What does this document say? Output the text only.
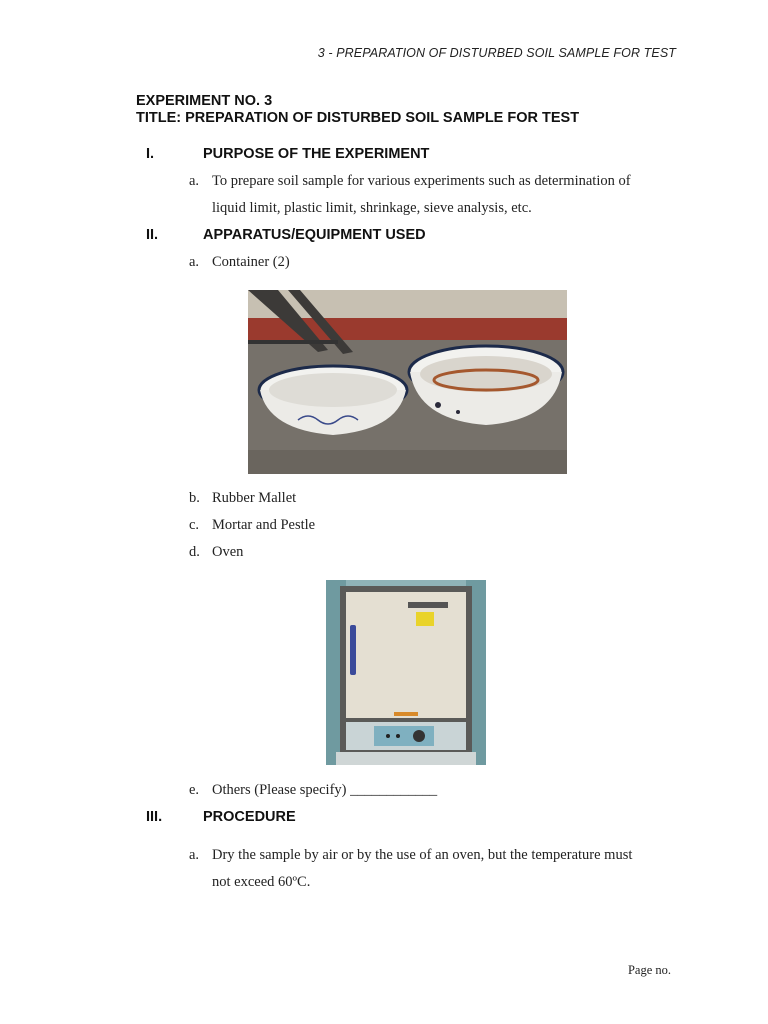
3 - PREPARATION OF DISTURBED SOIL SAMPLE FOR TEST
EXPERIMENT NO. 3
TITLE: PREPARATION OF DISTURBED SOIL SAMPLE FOR TEST
I.	PURPOSE OF THE EXPERIMENT
a. To prepare soil sample for various experiments such as determination of
liquid limit, plastic limit, shrinkage, sieve analysis, etc.
II.	APPARATUS/EQUIPMENT USED
a. Container (2)
b. Rubber Mallet
c. Mortar and Pestle
d. Oven
e. Others (Please specify) ____________
III.	PROCEDURE
a. Dry the sample by air or by the use of an oven, but the temperature must
not exceed 60ºC.
Page no.
